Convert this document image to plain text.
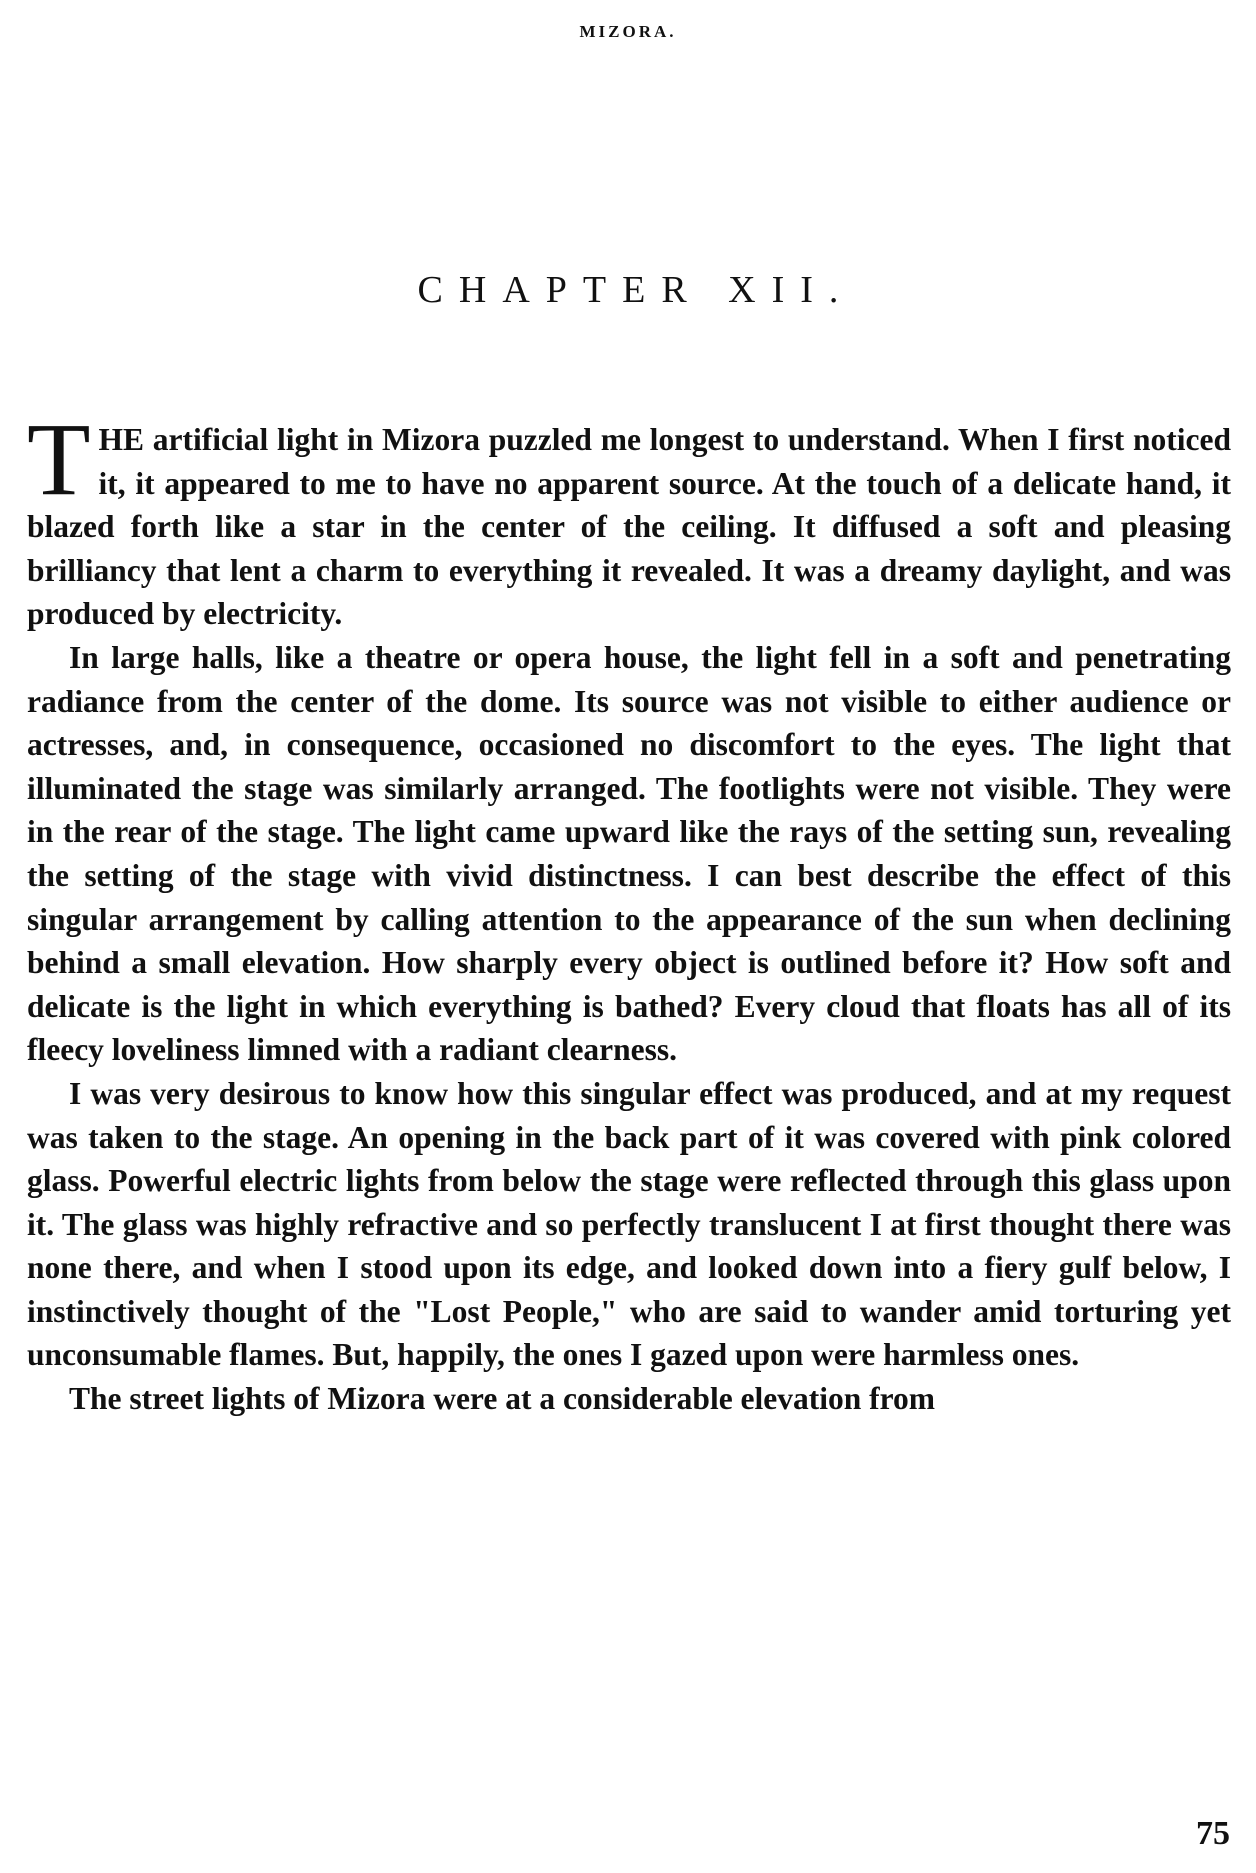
MIZORA.
CHAPTER XII.

THE artificial light in Mizora puzzled me longest to understand. When I first noticed it, it appeared to me to have no apparent source. At the touch of a delicate hand, it blazed forth like a star in the center of the ceiling. It diffused a soft and pleasing brilliancy that lent a charm to everything it revealed. It was a dreamy daylight, and was produced by electricity.

In large halls, like a theatre or opera house, the light fell in a soft and penetrating radiance from the center of the dome. Its source was not visible to either audience or actresses, and, in consequence, occasioned no discomfort to the eyes. The light that illuminated the stage was similarly arranged. The footlights were not visible. They were in the rear of the stage. The light came upward like the rays of the setting sun, revealing the setting of the stage with vivid distinctness. I can best describe the effect of this singular arrangement by calling attention to the appearance of the sun when declining behind a small elevation. How sharply every object is outlined before it? How soft and delicate is the light in which everything is bathed? Every cloud that floats has all of its fleecy loveliness limned with a radiant clearness.

I was very desirous to know how this singular effect was produced, and at my request was taken to the stage. An opening in the back part of it was covered with pink colored glass. Powerful electric lights from below the stage were reflected through this glass upon it. The glass was highly refractive and so perfectly translucent I at first thought there was none there, and when I stood upon its edge, and looked down into a fiery gulf below, I instinctively thought of the "Lost People," who are said to wander amid torturing yet unconsumable flames. But, happily, the ones I gazed upon were harmless ones.

The street lights of Mizora were at a considerable elevation from

75
